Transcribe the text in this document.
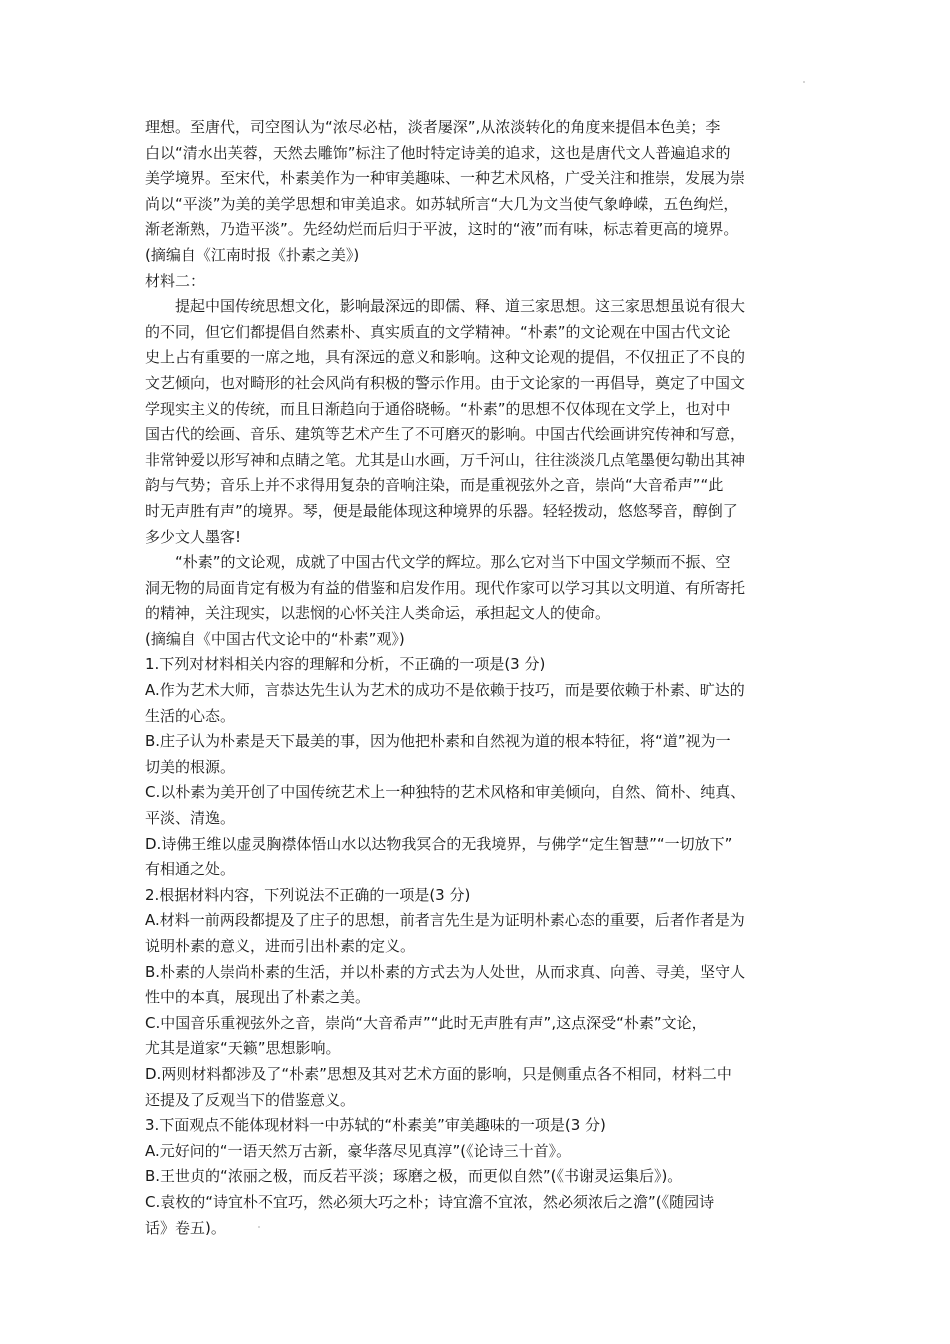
理想。至唐代，司空图认为“浓尽必枯，淡者屡深”,从浓淡转化的角度来提倡本色美；李
白以“清水出芙蓉，天然去雕饰”标注了他时特定诗美的追求，这也是唐代文人普遍追求的
美学境界。至宋代，朴素美作为一种审美趣味、一种艺术风格，广受关注和推崇，发展为崇
尚以“平淡”为美的美学思想和审美追求。如苏轼所言“大几为文当使气象峥嵘，五色绚烂，
渐老渐熟，乃造平淡”。先经幼烂而后归于平波，这时的“液”而有味，标志着更高的境界。
(摘编自《江南时报《扑素之美》)
材料二：
提起中国传统思想文化，影响最深远的即儒、释、道三家思想。这三家思想虽说有很大
的不同，但它们都提倡自然素朴、真实质直的文学精神。“朴素”的文论观在中国古代文论
史上占有重要的一席之地，具有深远的意义和影响。这种文论观的提倡，不仅扭正了不良的
文艺倾向，也对畸形的社会风尚有积极的警示作用。由于文论家的一再倡导，奠定了中国文
学现实主义的传统，而且日渐趋向于通俗晓畅。“朴素”的思想不仅体现在文学上，也对中
国古代的绘画、音乐、建筑等艺术产生了不可磨灭的影响。中国古代绘画讲究传神和写意，
非常钟爱以形写神和点睛之笔。尤其是山水画，万千河山，往往淡淡几点笔墨便勾勒出其神
韵与气势；音乐上并不求得用复杂的音响注染，而是重视弦外之音，崇尚“大音希声”“此
时无声胜有声”的境界。琴，便是最能体现这种境界的乐器。轻轻拨动，悠悠琴音，醇倒了
多少文人墨客!
“朴素”的文论观，成就了中国古代文学的辉垃。那么它对当下中国文学频而不振、空
洞无物的局面肯定有极为有益的借鉴和启发作用。现代作家可以学习其以文明道、有所寄托
的精神，关注现实，以悲悯的心怀关注人类命运，承担起文人的使命。
(摘编自《中国古代文论中的“朴素”观》)
1.下列对材料相关内容的理解和分析，不正确的一项是(3 分)
A.作为艺术大师，言恭达先生认为艺术的成功不是依赖于技巧，而是要依赖于朴素、旷达的
生活的心态。
B.庄子认为朴素是天下最美的事，因为他把朴素和自然视为道的根本特征，将“道”视为一
切美的根源。
C.以朴素为美开创了中国传统艺术上一种独特的艺术风格和审美倾向，自然、简朴、纯真、
平淡、清逸。
D.诗佛王维以虚灵胸襟体悟山水以达物我冥合的无我境界，与佛学“定生智慧”“一切放下”
有相通之处。
2.根据材料内容，下列说法不正确的一项是(3 分)
A.材料一前两段都提及了庄子的思想，前者言先生是为证明朴素心态的重要，后者作者是为
说明朴素的意义，进而引出朴素的定义。
B.朴素的人崇尚朴素的生活，并以朴素的方式去为人处世，从而求真、向善、寻美，坚守人
性中的本真，展现出了朴素之美。
C.中国音乐重视弦外之音，崇尚“大音希声”“此时无声胜有声”,这点深受“朴素”文论，
尤其是道家“天籁”思想影响。
D.两则材料都涉及了“朴素”思想及其对艺术方面的影响，只是侧重点各不相同，材料二中
还提及了反观当下的借鉴意义。
3.下面观点不能体现材料一中苏轼的“朴素美”审美趣味的一项是(3 分)
A.元好问的“一语天然万古新，豪华落尽见真淳”(《论诗三十首》。
B.王世贞的“浓丽之极，而反若平淡；琢磨之极，而更似自然”(《书谢灵运集后》)。
C.袁枚的“诗宜朴不宜巧，然必须大巧之朴；诗宜澹不宜浓，然必须浓后之澹”(《随园诗
话》卷五)。
